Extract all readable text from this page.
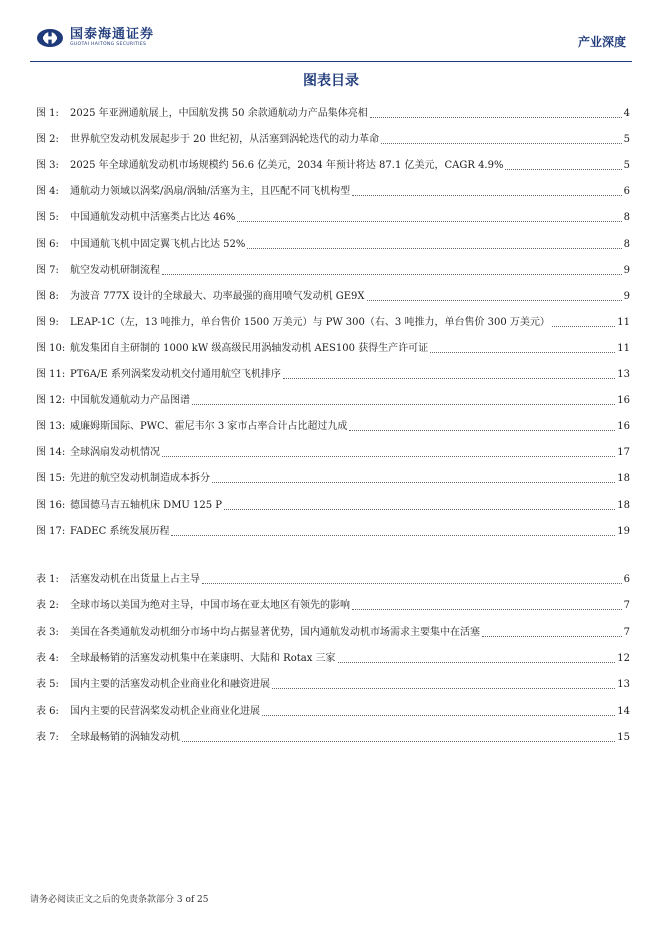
国泰海通证券
GUOTAI HAITONG SECURITIES	产业深度
图表目录
图 1:	2025 年亚洲通航展上，中国航发携 50 余款通航动力产品集体亮相	4
图 2:	世界航空发动机发展起步于 20 世纪初，从活塞到涡轮迭代的动力革命	5
图 3:	2025 年全球通航发动机市场规模约 56.6 亿美元，2034 年预计将达 87.1 亿美元，CAGR 4.9%	5
图 4:	通航动力领域以涡桨/涡扇/涡轴/活塞为主，且匹配不同飞机构型	6
图 5:	中国通航发动机中活塞类占比达 46%	8
图 6:	中国通航飞机中固定翼飞机占比达 52%	8
图 7:	航空发动机研制流程	9
图 8:	为波音 777X 设计的全球最大、功率最强的商用喷气发动机 GE9X	9
图 9:	LEAP-1C（左，13 吨推力，单台售价 1500 万美元）与 PW 300（右、3 吨推力，单台售价 300 万美元）	11
图 10: 航发集团自主研制的 1000 kW 级高级民用涡轴发动机 AES100 获得生产许可证	11
图 11: PT6A/E 系列涡桨发动机交付通用航空飞机排序	13
图 12: 中国航发通航动力产品图谱	16
图 13: 威廉姆斯国际、PWC、霍尼韦尔 3 家市占率合计占比超过九成	16
图 14: 全球涡扇发动机情况	17
图 15: 先进的航空发动机制造成本拆分	18
图 16: 德国德马吉五轴机床 DMU 125 P	18
图 17: FADEC 系统发展历程	19
表 1:	活塞发动机在出货量上占主导	6
表 2:	全球市场以美国为绝对主导，中国市场在亚太地区有领先的影响	7
表 3:	美国在各类通航发动机细分市场中均占据显著优势，国内通航发动机市场需求主要集中在活塞	7
表 4:	全球最畅销的活塞发动机集中在莱康明、大陆和 Rotax 三家	12
表 5:	国内主要的活塞发动机企业商业化和融资进展	13
表 6:	国内主要的民营涡桨发动机企业商业化进展	14
表 7:	全球最畅销的涡轴发动机	15
请务必阅读正文之后的免责条款部分 3 of 25
